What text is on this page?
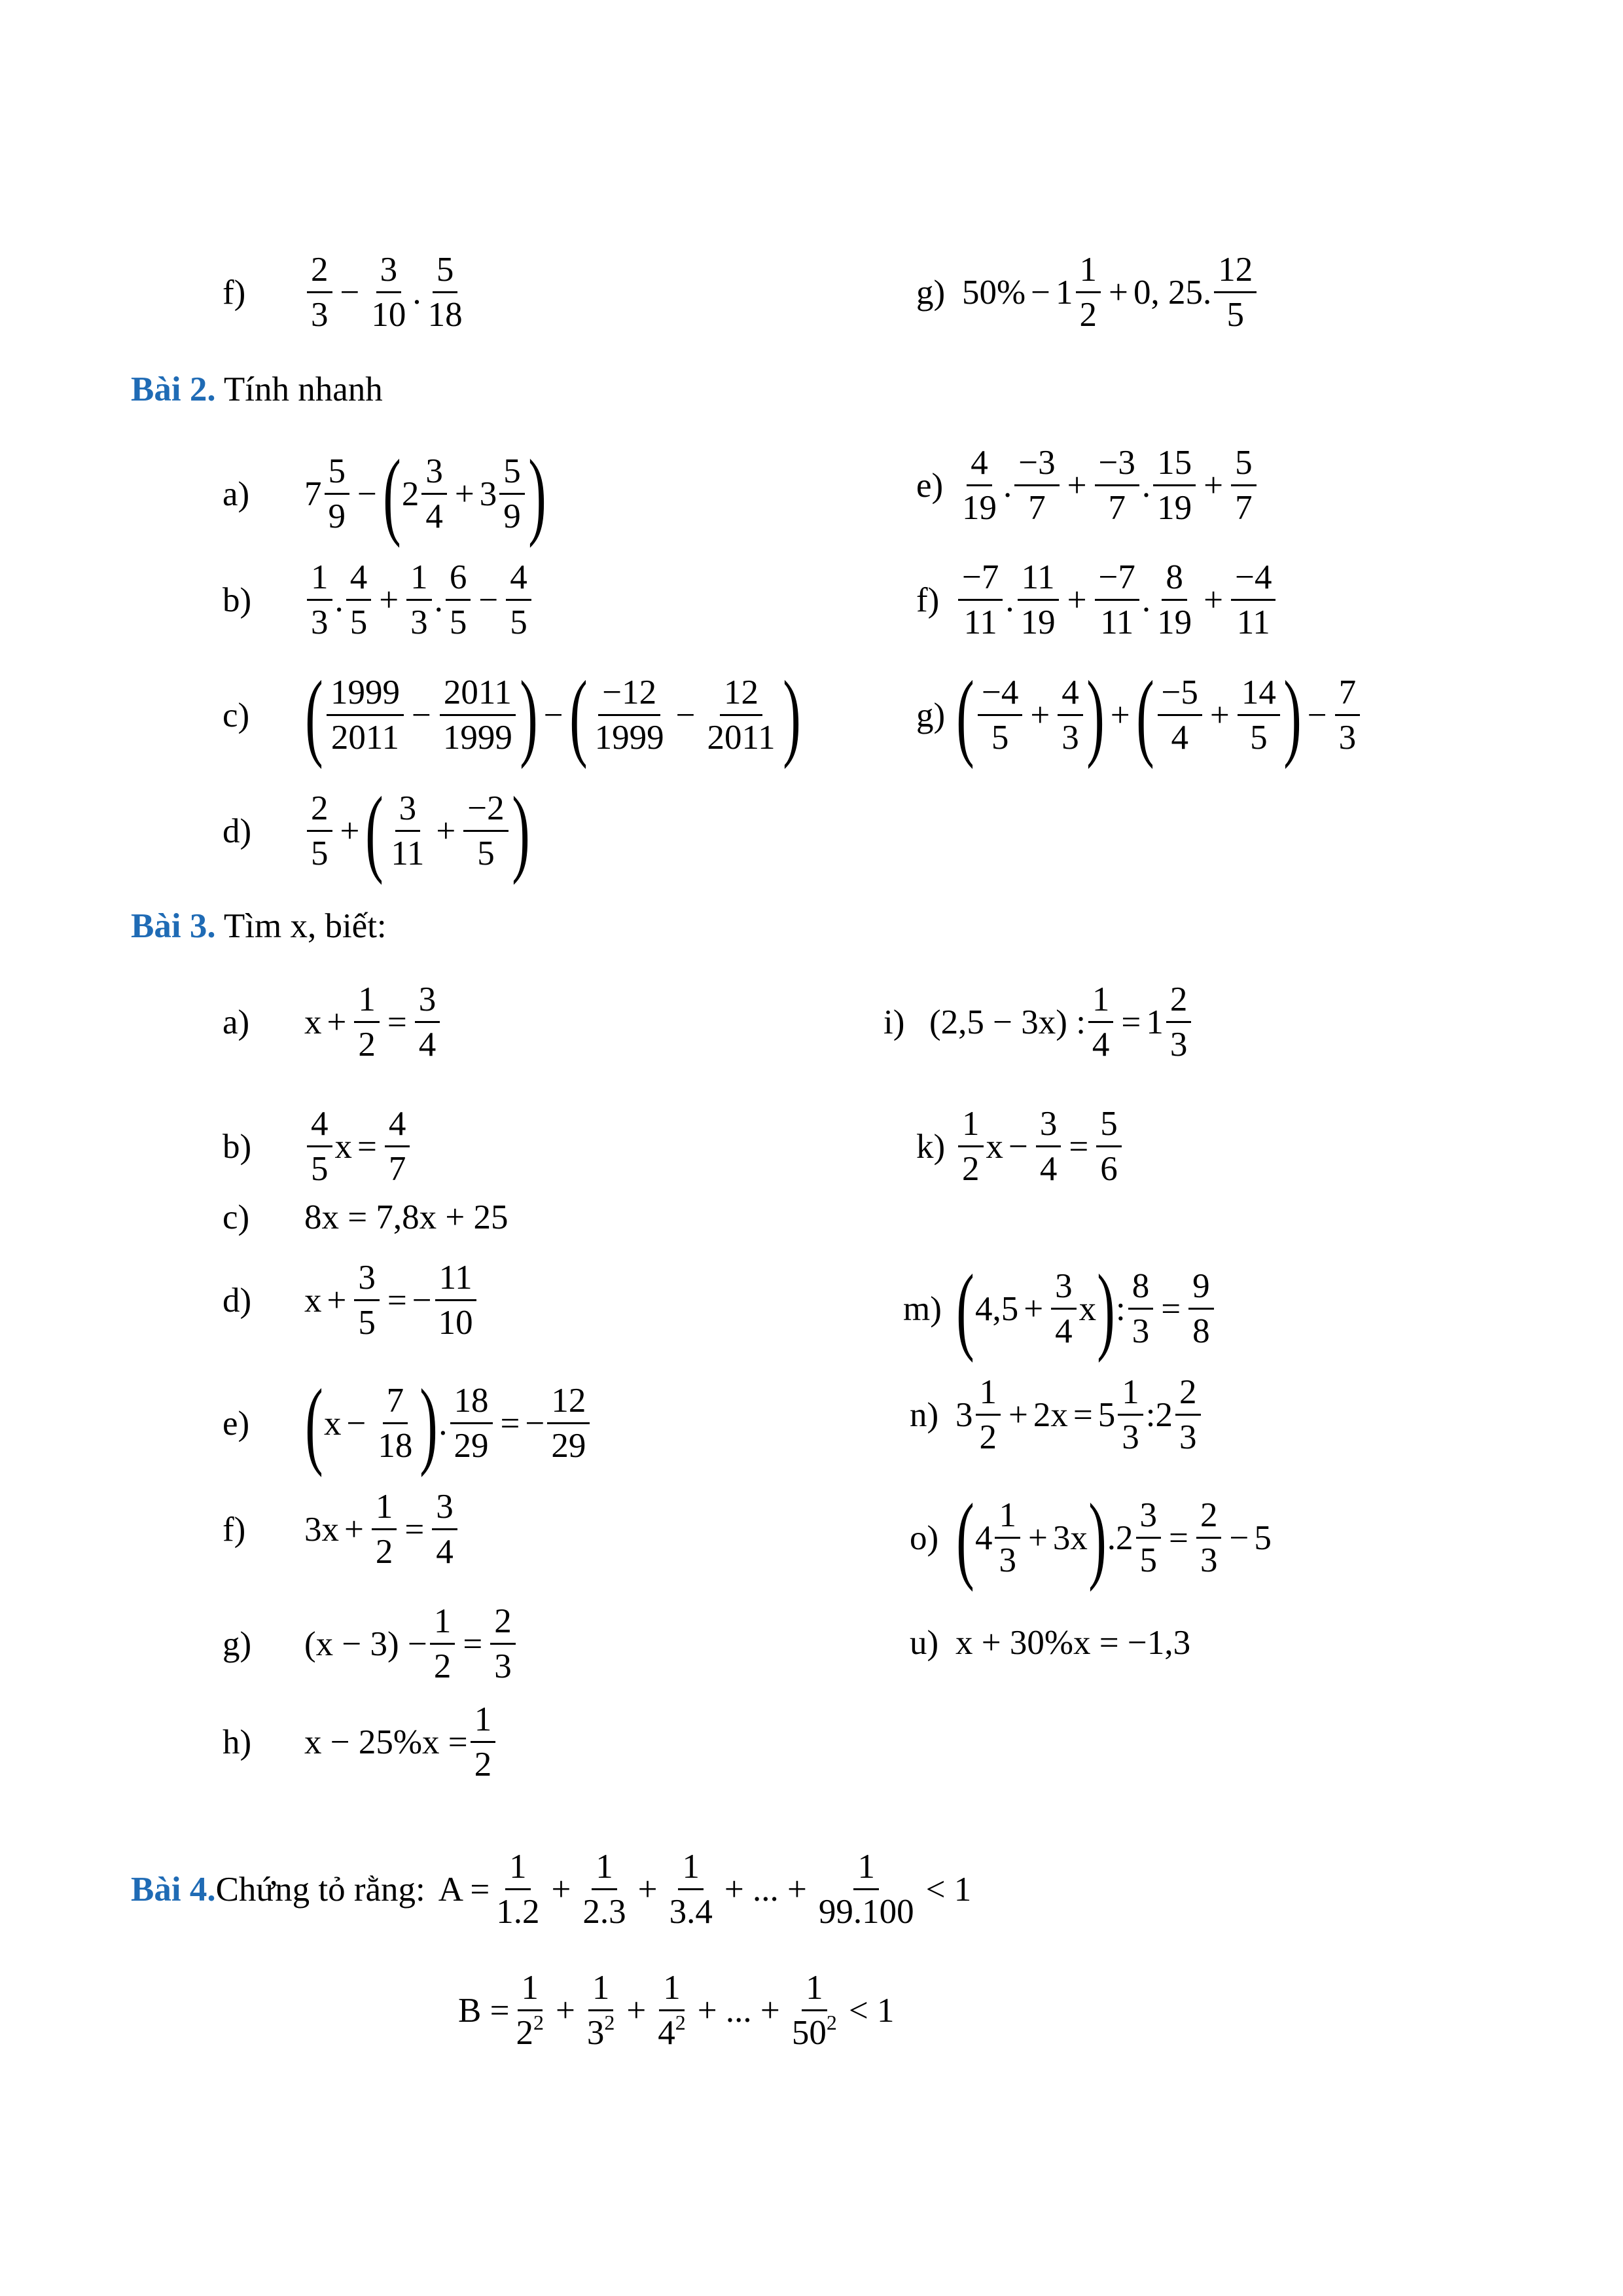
f)	$\frac{2}{3} - \frac{3}{10}$ . $\frac{5}{18}$	g) $50\% - 1 \frac{1}{2} + 0$, 25. $\frac{12}{5}$
Bài 2. Tính nhanh
a)	$7 \frac{5}{9}$ − ( $2 \frac{3}{4} + 3 \frac{5}{9}$ )	$e) \frac{4}{19}$ . $\frac{-3}{7} + \frac{-3}{7}$ . $\frac{15}{19} + \frac{5}{7}$
b)	$\frac{1}{3}$ . $\frac{4}{5} + \frac{1}{3}$ . $\frac{6}{5} - \frac{4}{5}$	$f) \frac{-7}{11}$ . $\frac{11}{19} + \frac{-7}{11}$ . $\frac{8}{19} + \frac{-4}{11}$
c) ( $\frac{1999}{2011} - \frac{2011}{1999}$ ) − ( $\frac{-12}{1999} - \frac{12}{2011}$ )	g) ( $\frac{-4}{5} + \frac{4}{3}$ ) + ( $\frac{-5}{4} + \frac{14}{5}$ ) − $\frac{7}{3}$
d)	$\frac{2}{5}$ + ( $\frac{3}{11} + \frac{-2}{5}$ )
Bài 3. Tìm x, biết:
a)	$x + \frac{1}{2} = \frac{3}{4}$	i) (2,5 − 3x) : $\frac{1}{4} = 1 \frac{2}{3}$
b)	$\frac{4}{5}$ $x = \frac{4}{7}$	$k) \frac{1}{2}$ $x - \frac{3}{4} = \frac{5}{6}$
c)	8x = 7,8x + 25
d)	$x + \frac{3}{5}$ = − $\frac{11}{10}$	m) ( $4,5 + \frac{3}{4}$ x ) : $\frac{8}{3} = \frac{9}{8}$
e) ( $x - \frac{7}{18}$ ) . $\frac{18}{29}$ = − $\frac{12}{29}$	n) $3 \frac{1}{2} + 2x = 5 \frac{1}{3}$ : $2 \frac{2}{3}$
f)	$3x + \frac{1}{2} = \frac{3}{4}$	o) ( $4 \frac{1}{3} + 3x$ ) . $2 \frac{3}{5} = \frac{2}{3} - 5$
g)	$(x - 3) - \frac{1}{2} = \frac{2}{3}$	u) x + 30%x = −1,3
h)	$x - 25\%x = \frac{1}{2}$
Bài 4. Chứng tỏ rằng: $A = \frac{1}{1.2} + \frac{1}{2.3} + \frac{1}{3.4}$ + ... + $\frac{1}{99.100} < 1$
$B = \frac{1}{2^2} + \frac{1}{3^2} + \frac{1}{4^2}$ + ... + $\frac{1}{50^2} < 1$
